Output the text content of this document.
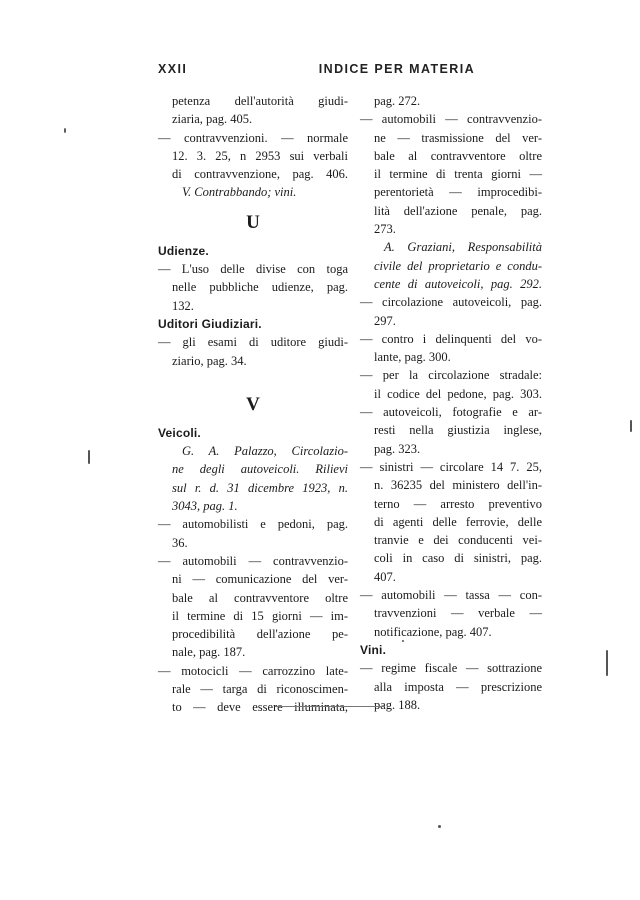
XXII	INDICE PER MATERIA
petenza dell'autorità giudi-
ziaria, pag. 405.
— contravvenzioni. — normale
12. 3. 25, n 2953 sui verbali
di contravvenzione, pag. 406.
V. Contrabbando; vini.
U
Udienze.
— L'uso delle divise con toga
nelle pubbliche udienze, pag.
132.
Uditori Giudiziari.
— gli esami di uditore giudi-
ziario, pag. 34.
V
Veicoli.
G. A. Palazzo, Circolazio-
ne degli autoveicoli. Rilievi
sul r. d. 31 dicembre 1923, n.
3043, pag. 1.
— automobilisti e pedoni, pag.
36.
— automobili — contravvenzio-
ni — comunicazione del ver-
bale al contravventore oltre
il termine di 15 giorni — im-
procedibilità dell'azione pe-
nale, pag. 187.
— motocicli — carrozzino late-
rale — targa di riconoscimen-
to — deve essere illuminata,
pag. 272.
— automobili — contravvenzio-
ne — trasmissione del ver-
bale al contravventore oltre
il termine di trenta giorni —
perentorietà — improcedibi-
lità dell'azione penale, pag.
273.
A. Graziani, Responsabilità
civile del proprietario e condu-
cente di autoveicoli, pag. 292.
— circolazione autoveicoli, pag.
297.
— contro i delinquenti del vo-
lante, pag. 300.
— per la circolazione stradale:
il codice del pedone, pag. 303.
— autoveicoli, fotografie e ar-
resti nella giustizia inglese,
pag. 323.
— sinistri — circolare 14 7. 25,
n. 36235 del ministero dell'in-
terno — arresto preventivo
di agenti delle ferrovie, delle
tranvie e dei conducenti vei-
coli in caso di sinistri, pag.
407.
— automobili — tassa — con-
travvenzioni — verbale —
notificazione, pag. 407.
Vini.
— regime fiscale — sottrazione
alla imposta — prescrizione
pag. 188.
